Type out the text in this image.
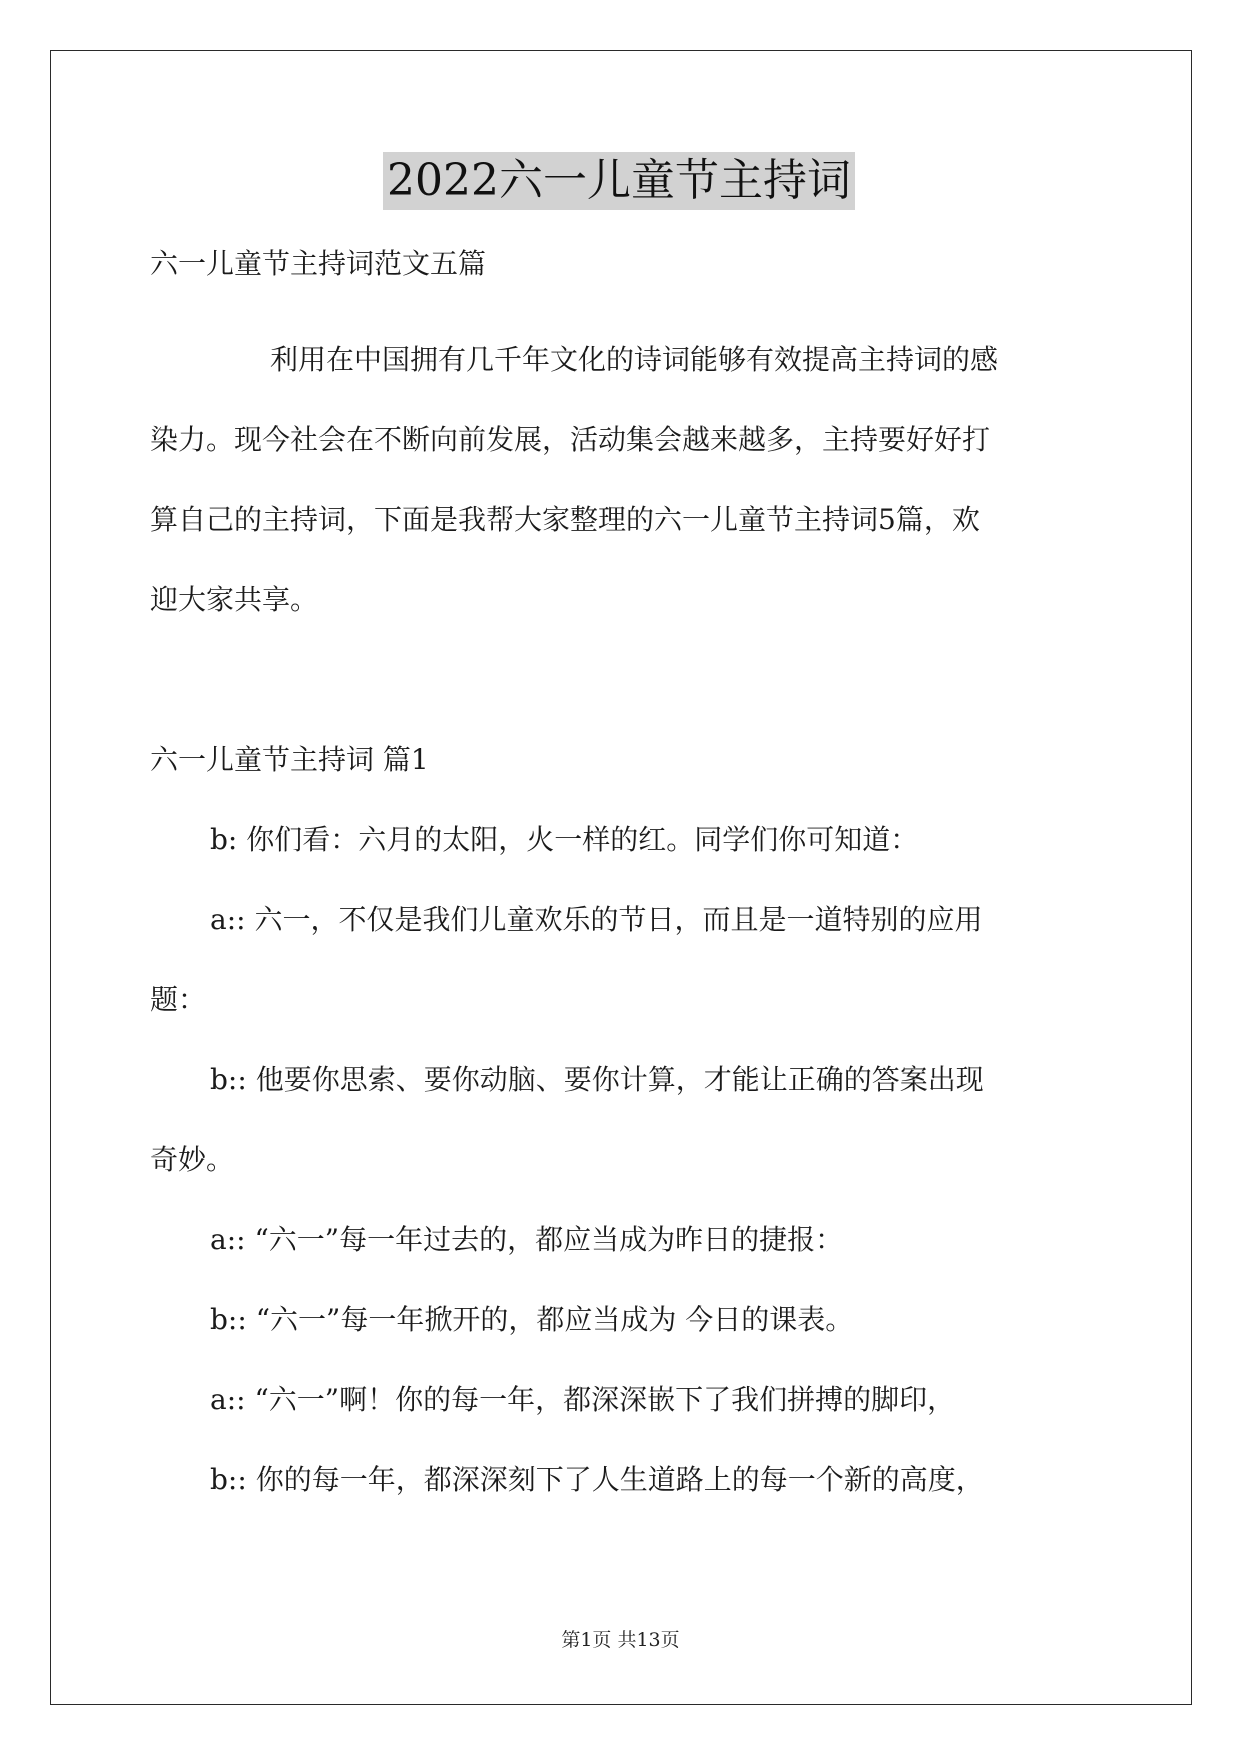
2022六一儿童节主持词
六一儿童节主持词范文五篇
利用在中国拥有几千年文化的诗词能够有效提高主持词的感
染力。现今社会在不断向前发展，活动集会越来越多，主持要好好打
算自己的主持词，下面是我帮大家整理的六一儿童节主持词5篇，欢
迎大家共享。
六一儿童节主持词 篇1
b: 你们看：六月的太阳，火一样的红。同学们你可知道：
a:: 六一，不仅是我们儿童欢乐的节日，而且是一道特别的应用
题：
b:: 他要你思索、要你动脑、要你计算，才能让正确的答案出现
奇妙。
a:: “六一”每一年过去的，都应当成为昨日的捷报：
b:: “六一”每一年掀开的，都应当成为 今日的课表。
a:: “六一”啊！你的每一年，都深深嵌下了我们拼搏的脚印，
b:: 你的每一年，都深深刻下了人生道路上的每一个新的高度，
第1页 共13页
